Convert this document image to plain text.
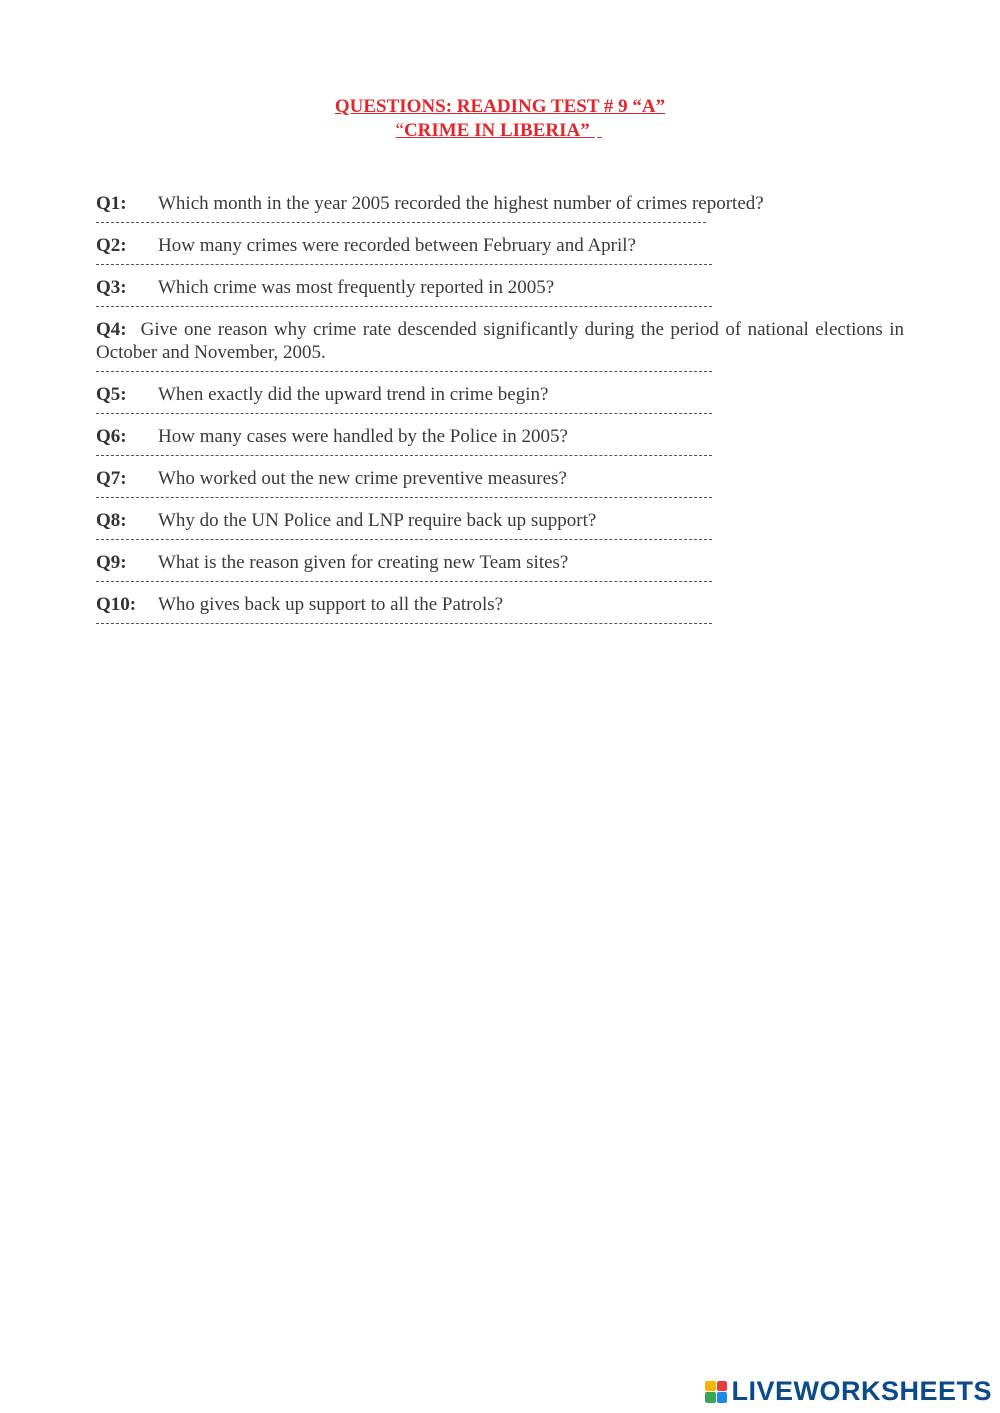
QUESTIONS: READING TEST # 9 “A”
“CRIME IN LIBERIA”
Q1:	Which month in the year 2005 recorded the highest number of crimes reported?
Q2:	How many crimes were recorded between February and April?
Q3:	Which crime was most frequently reported in 2005?
Q4: Give one reason why crime rate descended significantly during the period of national elections in October and November, 2005.
Q5:	When exactly did the upward trend in crime begin?
Q6:	How many cases were handled by the Police in 2005?
Q7:	Who worked out the new crime preventive measures?
Q8:	Why do the UN Police and LNP require back up support?
Q9:	What is the reason given for creating new Team sites?
Q10:	Who gives back up support to all the Patrols?
LIVEWORKSHEETS
